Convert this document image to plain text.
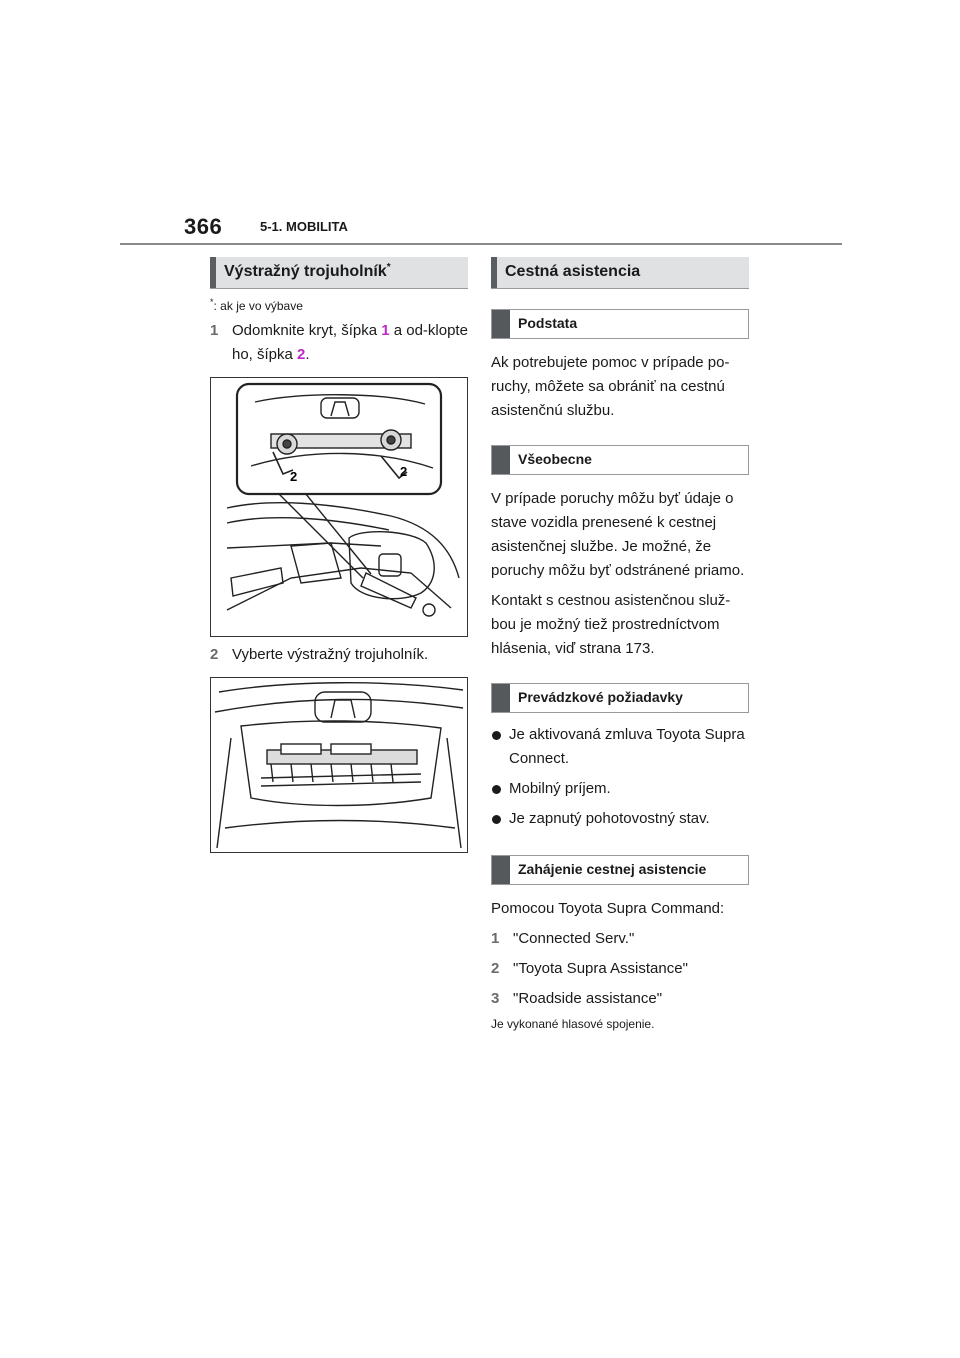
366	5-1. MOBILITA
Výstražný trojuholník*
*: ak je vo výbave
1 Odomknite kryt, šípka 1 a od-klopte ho, šípka 2.
2	2
2 Vyberte výstražný trojuholník.
Cestná asistencia
Podstata
Ak potrebujete pomoc v prípade po-ruchy, môžete sa obrániť na cestnú asistenčnú službu.
Všeobecne
V prípade poruchy môžu byť údaje o stave vozidla prenesené k cestnej asistenčnej službe. Je možné, že poruchy môžu byť odstránené priamo.
Kontakt s cestnou asistenčnou služ-bou je možný tiež prostredníctvom hlásenia, viď strana 173.
Prevádzkové požiadavky
Je aktivovaná zmluva Toyota Supra Connect.
Mobilný príjem.
Je zapnutý pohotovostný stav.
Zahájenie cestnej asistencie
Pomocou Toyota Supra Command:
1 "Connected Serv."
2 "Toyota Supra Assistance"
3 "Roadside assistance"
Je vykonané hlasové spojenie.
